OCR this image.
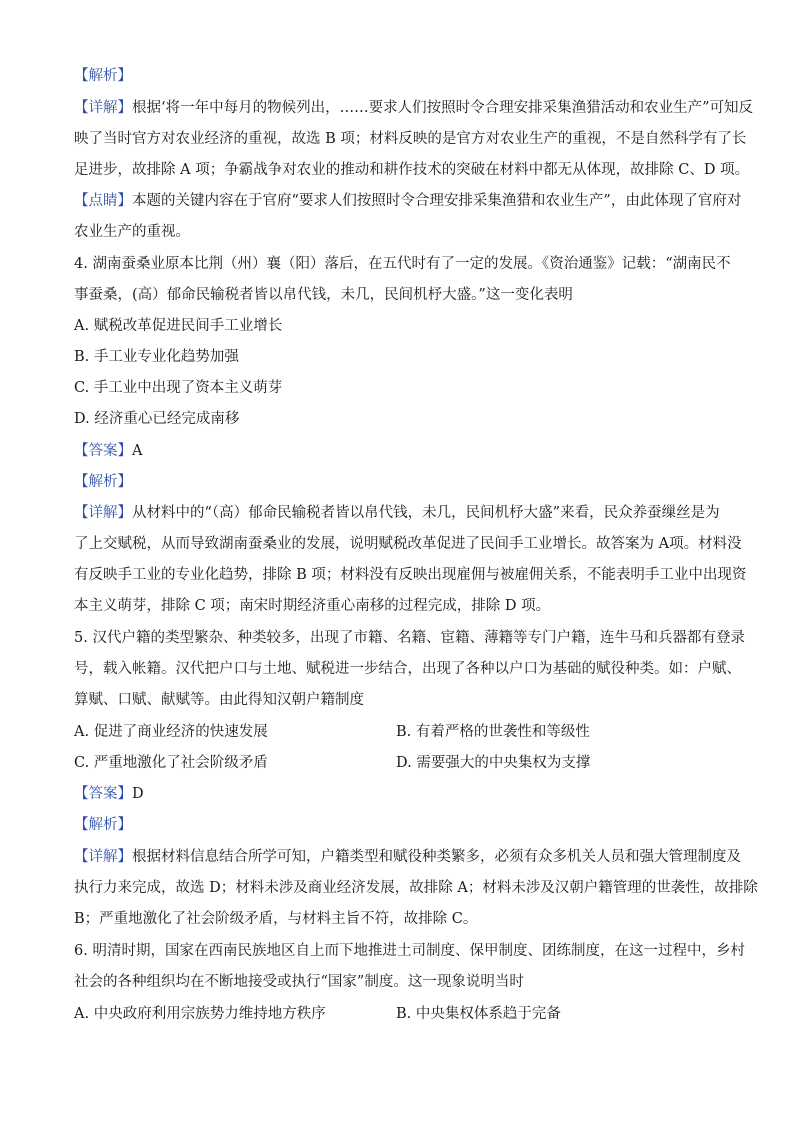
【解析】
【详解】根据‘将一年中每月的物候列出，……要求人们按照时令合理安排采集渔猎活动和农业生产”可知反
映了当时官方对农业经济的重视，故选 B 项；材料反映的是官方对农业生产的重视，不是自然科学有了长
足进步，故排除 A 项；争霸战争对农业的推动和耕作技术的突破在材料中都无从体现，故排除 C、D 项。
【点睛】本题的关键内容在于官府“要求人们按照时令合理安排采集渔猎和农业生产”，由此体现了官府对
农业生产的重视。
4. 湖南蚕桑业原本比荆（州）襄（阳）落后，在五代时有了一定的发展。《资治通鉴》记载：“湖南民不
事蚕桑，(高）郁命民输税者皆以帛代钱，未几，民间机杼大盛。”这一变化表明
A. 赋税改革促进民间手工业增长
B. 手工业专业化趋势加强
C. 手工业中出现了资本主义萌芽
D. 经济重心已经完成南移
【答案】A
【解析】
【详解】从材料中的“（高）郁命民输税者皆以帛代钱，未几，民间机杼大盛”来看，民众养蚕缫丝是为
了上交赋税，从而导致湖南蚕桑业的发展，说明赋税改革促进了民间手工业增长。故答案为 A项。材料没
有反映手工业的专业化趋势，排除 B 项；材料没有反映出现雇佣与被雇佣关系，不能表明手工业中出现资
本主义萌芽，排除 C 项；南宋时期经济重心南移的过程完成，排除 D 项。
5. 汉代户籍的类型繁杂、种类较多，出现了市籍、名籍、宦籍、薄籍等专门户籍，连牛马和兵器都有登录
号，载入帐籍。汉代把户口与土地、赋税进一步结合，出现了各种以户口为基础的赋役种类。如：户赋、
算赋、口赋、献赋等。由此得知汉朝户籍制度
A. 促进了商业经济的快速发展	B. 有着严格的世袭性和等级性
C. 严重地激化了社会阶级矛盾	D. 需要强大的中央集权为支撑
【答案】D
【解析】
【详解】根据材料信息结合所学可知，户籍类型和赋役种类繁多，必须有众多机关人员和强大管理制度及
执行力来完成，故选 D；材料未涉及商业经济发展，故排除 A；材料未涉及汉朝户籍管理的世袭性，故排除
B；严重地激化了社会阶级矛盾，与材料主旨不符，故排除 C。
6. 明清时期，国家在西南民族地区自上而下地推进土司制度、保甲制度、团练制度，在这一过程中，乡村
社会的各种组织均在不断地接受或执行“国家”制度。这一现象说明当时
A. 中央政府利用宗族势力维持地方秩序	B. 中央集权体系趋于完备
